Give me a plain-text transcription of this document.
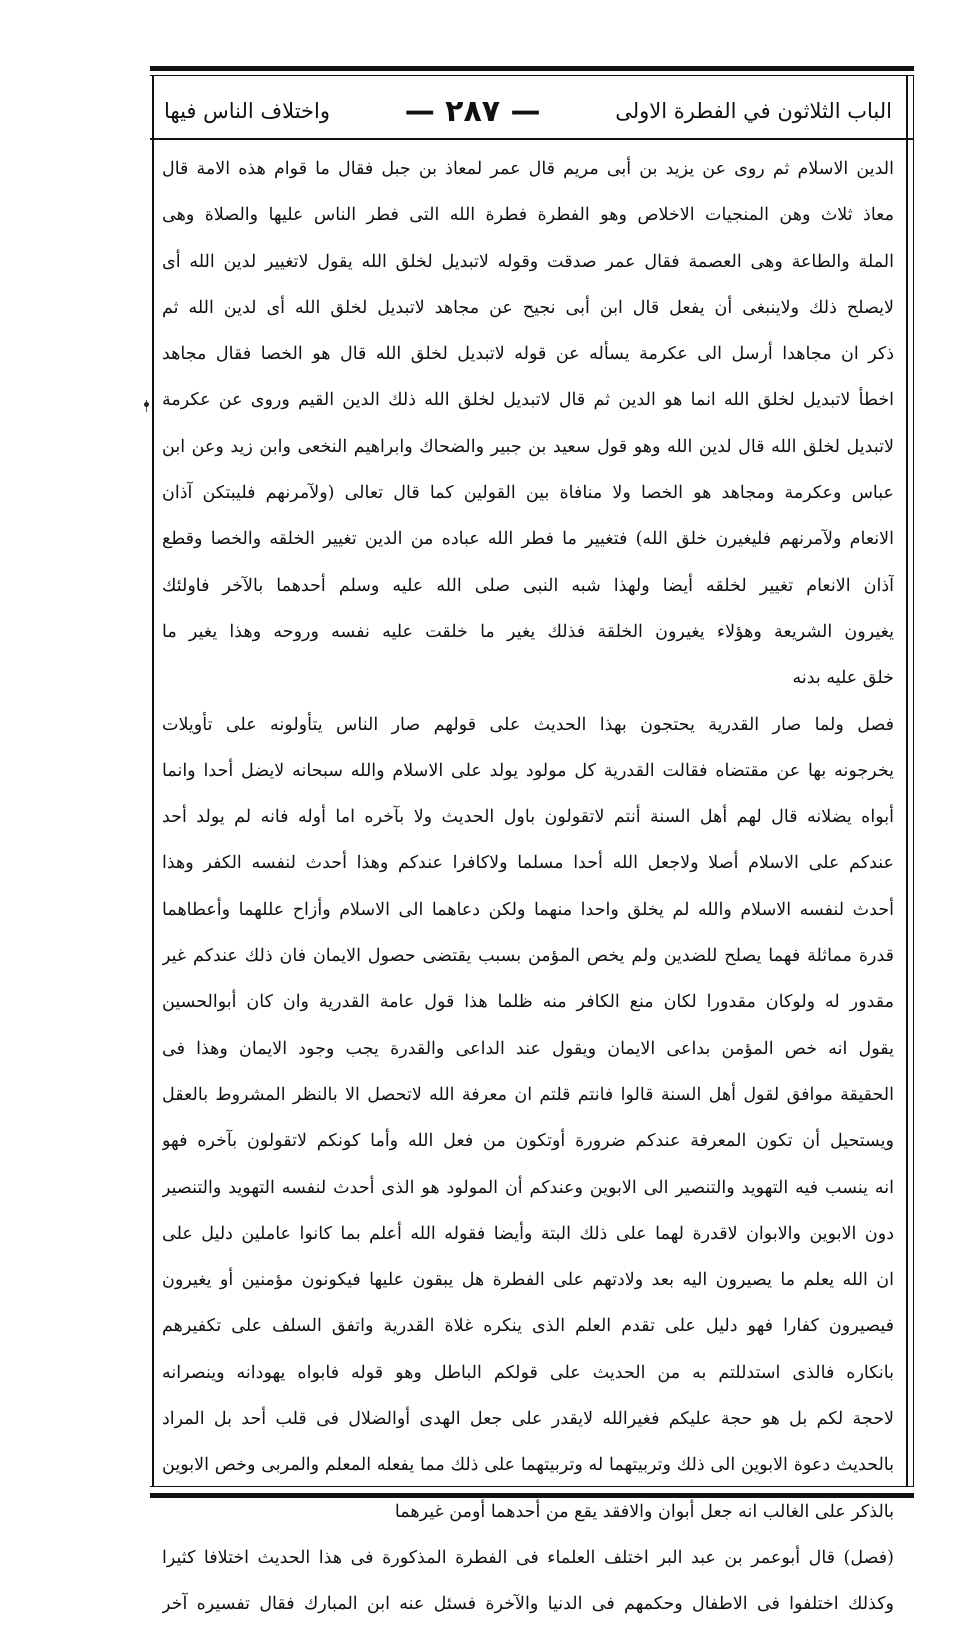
الباب الثلاثون في الفطرة الاولى
— ٢٨٧ —
واختلاف الناس فيها
الدين الاسلام ثم روى عن يزيد بن أبى مريم قال عمر لمعاذ بن جبل فقال ما قوام هذه الامة قال
معاذ ثلاث وهن المنجيات الاخلاص وهو الفطرة فطرة الله التى فطر الناس عليها والصلاة وهى
الملة والطاعة وهى العصمة فقال عمر صدقت وقوله لاتبديل لخلق الله يقول لاتغيير لدين الله أى
لايصلح ذلك ولاينبغى أن يفعل قال ابن أبى نجيح عن مجاهد لاتبديل لخلق الله أى لدين الله ثم
ذكر ان مجاهدا أرسل الى عكرمة يسأله عن قوله لاتبديل لخلق الله قال هو الخصا فقال مجاهد
اخطأ لاتبديل لخلق الله انما هو الدين ثم قال لاتبديل لخلق الله ذلك الدين القيم وروى عن عكرمة
لاتبديل لخلق الله قال لدين الله وهو قول سعيد بن جبير والضحاك وابراهيم النخعى وابن زيد وعن ابن
عباس وعكرمة ومجاهد هو الخصا ولا منافاة بين القولين كما قال تعالى (ولآمرنهم فليبتكن آذان
الانعام ولآمرنهم فليغيرن خلق الله) فتغيير ما فطر الله عباده من الدين تغيير الخلقه والخصا وقطع
آذان الانعام تغيير لخلقه أيضا ولهذا شبه النبى صلى الله عليه وسلم أحدهما بالآخر فاولئك
يغيرون الشريعة وهؤلاء يغيرون الخلقة فذلك يغير ما خلقت عليه نفسه وروحه وهذا يغير ما
خلق عليه بدنه
فصل ولما صار القدرية يحتجون بهذا الحديث على قولهم صار الناس يتأولونه على تأويلات
يخرجونه بها عن مقتضاه فقالت القدرية كل مولود يولد على الاسلام والله سبحانه لايضل أحدا وانما
أبواه يضلانه قال لهم أهل السنة أنتم لاتقولون باول الحديث ولا بآخره اما أوله فانه لم يولد أحد
عندكم على الاسلام أصلا ولاجعل الله أحدا مسلما ولاكافرا عندكم وهذا أحدث لنفسه الكفر وهذا
أحدث لنفسه الاسلام والله لم يخلق واحدا منهما ولكن دعاهما الى الاسلام وأزاح عللهما وأعطاهما
قدرة مماثلة فهما يصلح للضدين ولم يخص المؤمن بسبب يقتضى حصول الايمان فان ذلك عندكم غير
مقدور له ولوكان مقدورا لكان منع الكافر منه ظلما هذا قول عامة القدرية وان كان أبوالحسين
يقول انه خص المؤمن بداعى الايمان ويقول عند الداعى والقدرة يجب وجود الايمان وهذا فى
الحقيقة موافق لقول أهل السنة قالوا فانتم قلتم ان معرفة الله لاتحصل الا بالنظر المشروط بالعقل
ويستحيل أن تكون المعرفة عندكم ضرورة أوتكون من فعل الله وأما كونكم لاتقولون بآخره فهو
انه ينسب فيه التهويد والتنصير الى الابوين وعندكم أن المولود هو الذى أحدث لنفسه التهويد والتنصير
دون الابوين والابوان لاقدرة لهما على ذلك البتة وأيضا فقوله الله أعلم بما كانوا عاملين دليل على
ان الله يعلم ما يصيرون اليه بعد ولادتهم على الفطرة هل يبقون عليها فيكونون مؤمنين أو يغيرون
فيصيرون كفارا فهو دليل على تقدم العلم الذى ينكره غلاة القدرية واتفق السلف على تكفيرهم
بانكاره فالذى استدللتم به من الحديث على قولكم الباطل وهو قوله فابواه يهودانه وينصرانه
لاحجة لكم بل هو حجة عليكم فغيرالله لايقدر على جعل الهدى أوالضلال فى قلب أحد بل المراد
بالحديث دعوة الابوين الى ذلك وتربيتهما له وتربيتهما على ذلك مما يفعله المعلم والمربى وخص الابوين
بالذكر على الغالب انه جعل أبوان والافقد يقع من أحدهما أومن غيرهما
(فصل) قال أبوعمر بن عبد البر اختلف العلماء فى الفطرة المذكورة فى هذا الحديث اختلافا كثيرا
وكذلك اختلفوا فى الاطفال وحكمهم فى الدنيا والآخرة فسئل عنه ابن المبارك فقال تفسيره آخر
